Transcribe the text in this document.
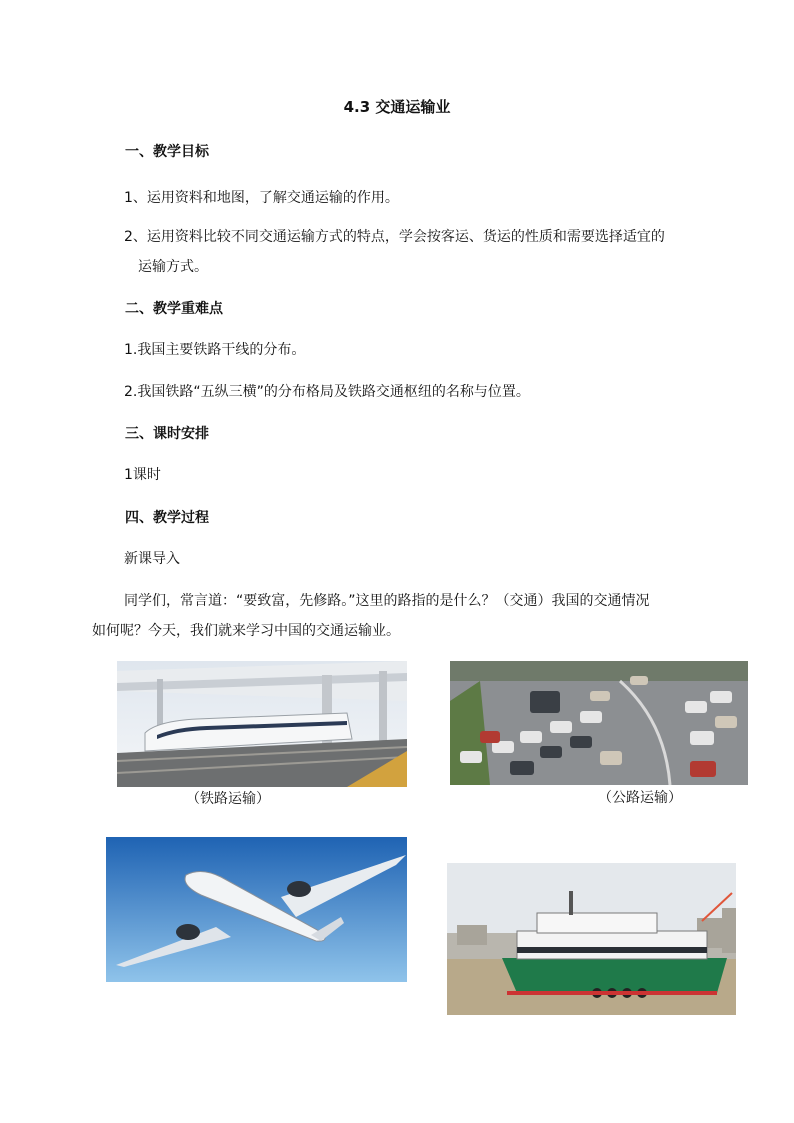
4.3 交通运输业
一、教学目标
1、运用资料和地图，了解交通运输的作用。
2、运用资料比较不同交通运输方式的特点，学会按客运、货运的性质和需要选择适宜的
运输方式。
二、教学重难点
1.我国主要铁路干线的分布。
2.我国铁路“五纵三横”的分布格局及铁路交通枢纽的名称与位置。
三、课时安排
1课时
四、教学过程
新课导入
同学们，常言道：“要致富，先修路。”这里的路指的是什么？（交通）我国的交通情况
如何呢？今天，我们就来学习中国的交通运输业。
（铁路运输）	（公路运输）
